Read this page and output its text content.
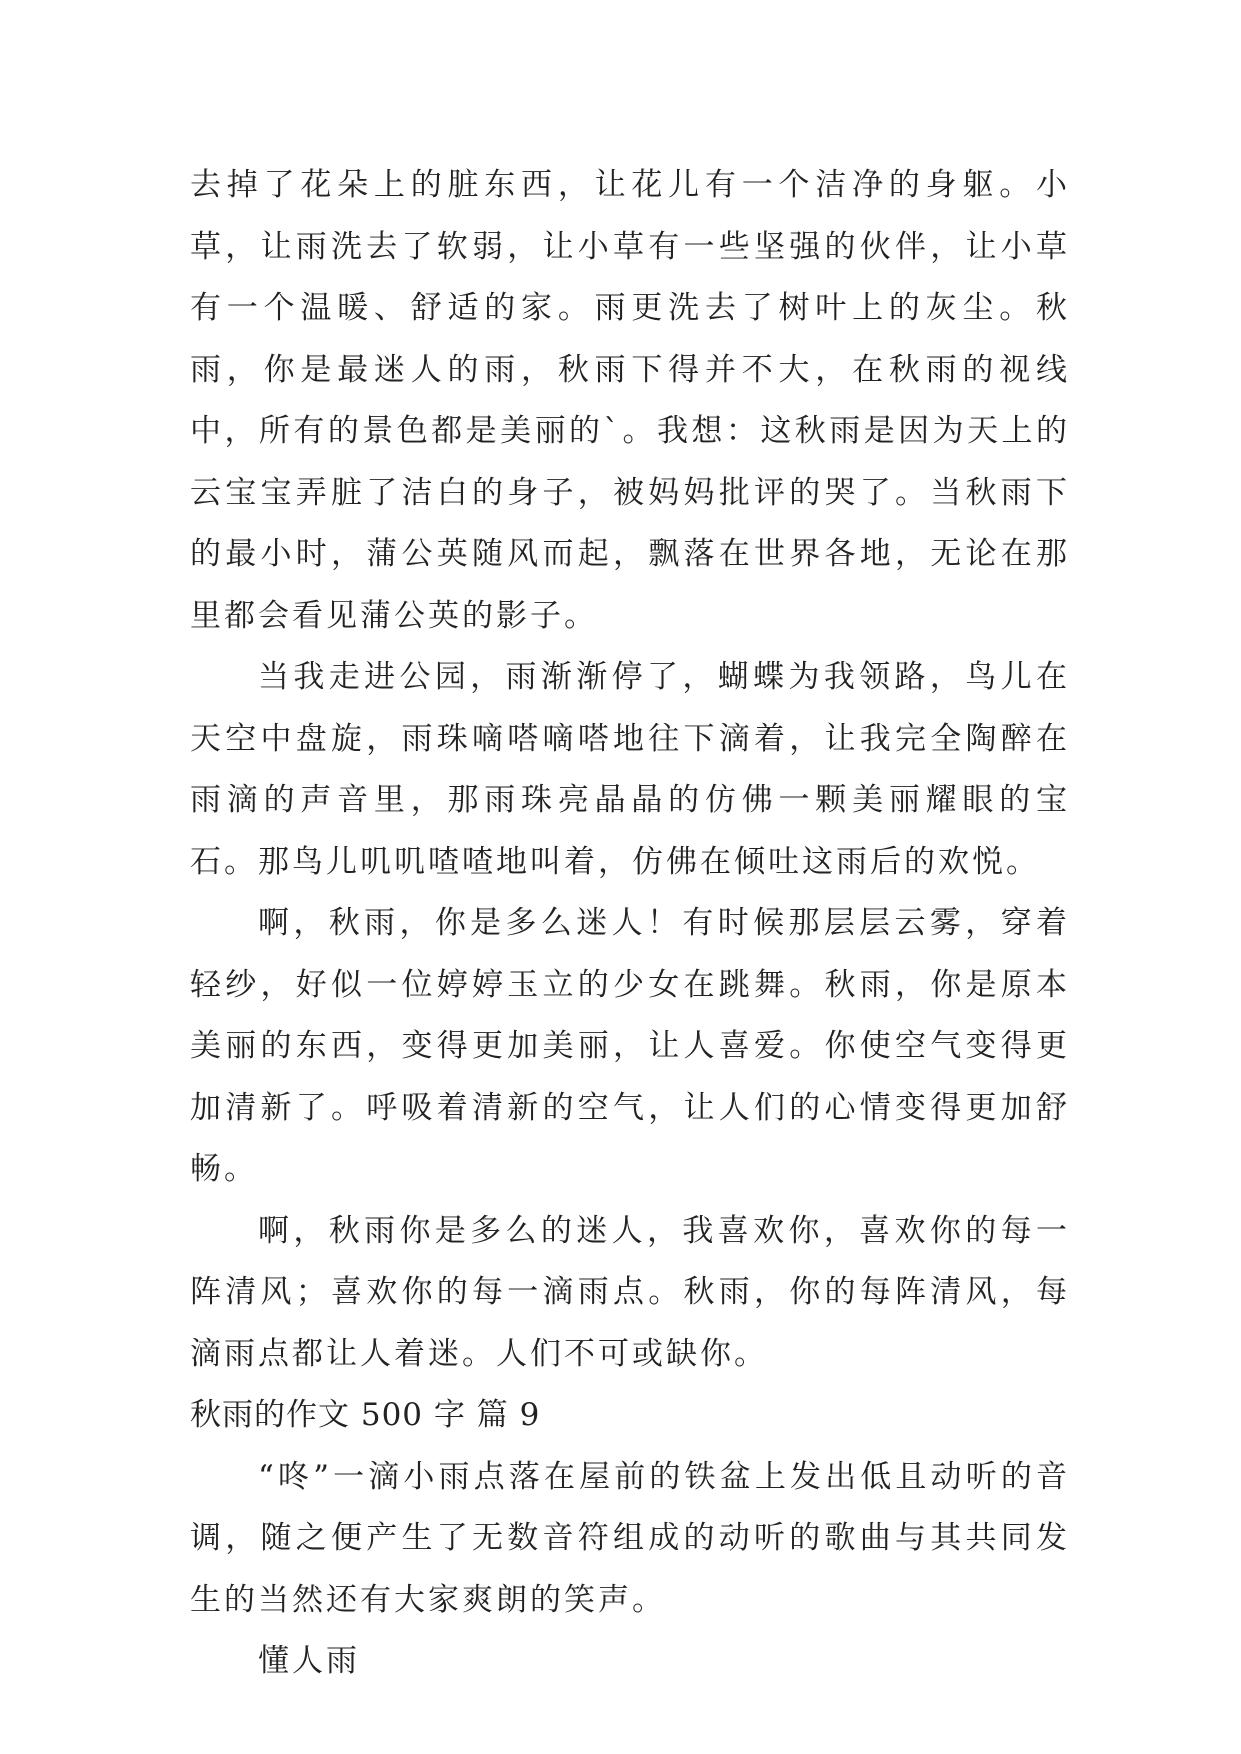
去掉了花朵上的脏东西，让花儿有一个洁净的身躯。小草，让雨洗去了软弱，让小草有一些坚强的伙伴，让小草有一个温暖、舒适的家。雨更洗去了树叶上的灰尘。秋雨，你是最迷人的雨，秋雨下得并不大，在秋雨的视线中，所有的景色都是美丽的`。我想：这秋雨是因为天上的云宝宝弄脏了洁白的身子，被妈妈批评的哭了。当秋雨下的最小时，蒲公英随风而起，飘落在世界各地，无论在那里都会看见蒲公英的影子。

当我走进公园，雨渐渐停了，蝴蝶为我领路，鸟儿在天空中盘旋，雨珠嘀嗒嘀嗒地往下滴着，让我完全陶醉在雨滴的声音里，那雨珠亮晶晶的仿佛一颗美丽耀眼的宝石。那鸟儿叽叽喳喳地叫着，仿佛在倾吐这雨后的欢悦。

啊，秋雨，你是多么迷人！有时候那层层云雾，穿着轻纱，好似一位婷婷玉立的少女在跳舞。秋雨，你是原本美丽的东西，变得更加美丽，让人喜爱。你使空气变得更加清新了。呼吸着清新的空气，让人们的心情变得更加舒畅。

啊，秋雨你是多么的迷人，我喜欢你，喜欢你的每一阵清风；喜欢你的每一滴雨点。秋雨，你的每阵清风，每滴雨点都让人着迷。人们不可或缺你。

秋雨的作文 500 字 篇 9

“咚”一滴小雨点落在屋前的铁盆上发出低且动听的音调，随之便产生了无数音符组成的动听的歌曲与其共同发生的当然还有大家爽朗的笑声。

懂人雨
